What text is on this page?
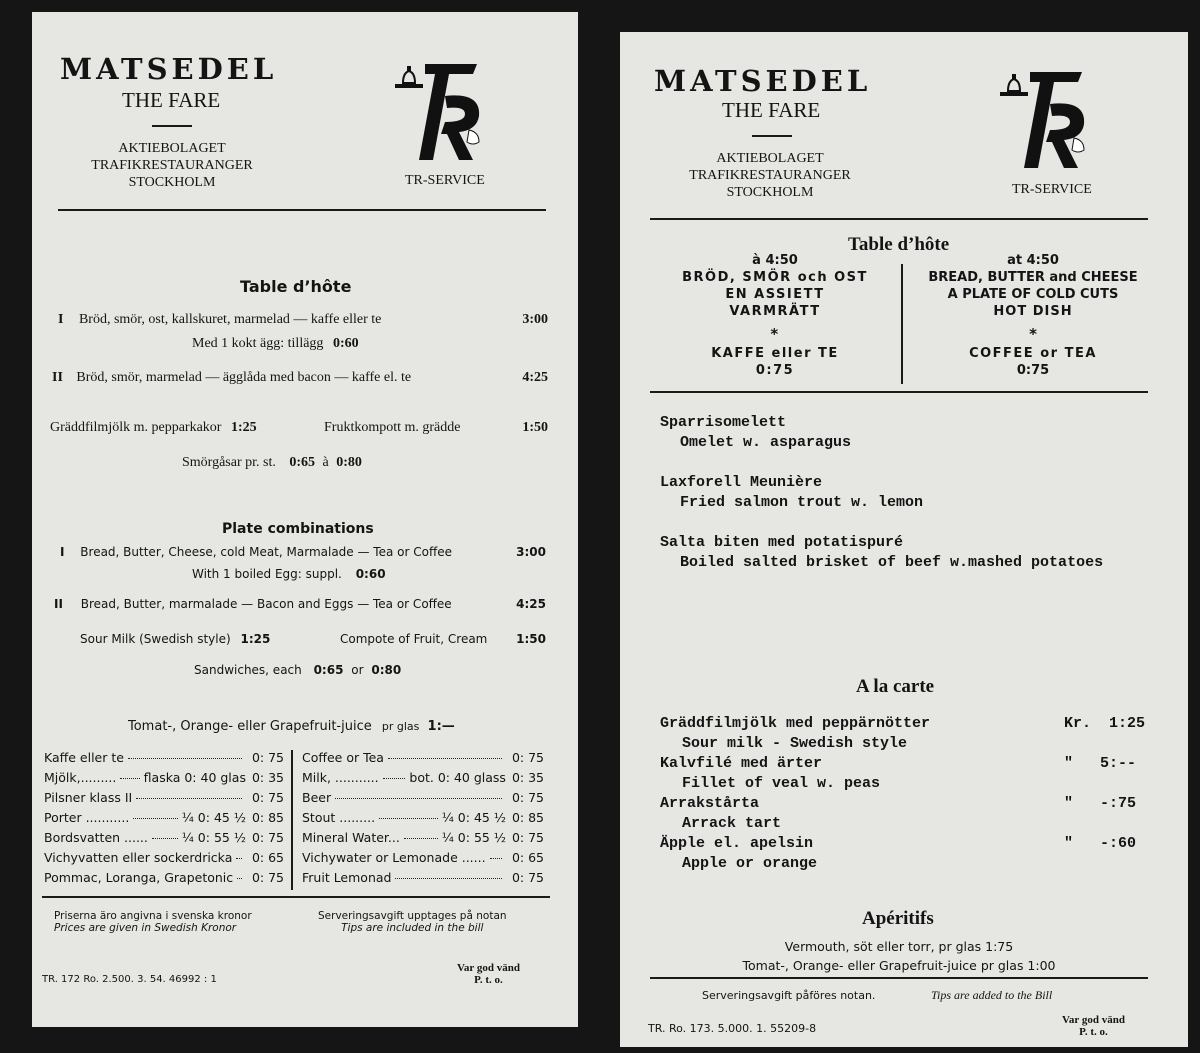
MATSEDEL
THE FARE
AKTIEBOLAGET
TRAFIKRESTAURANGER
STOCKHOLM	TR-SERVICE
Table d’hôte
I Bröd, smör, ost, kallskuret, marmelad — kaffe eller te	3:00
Med 1 kokt ägg: tillägg 0:60
II Bröd, smör, marmelad — ägglåda med bacon — kaffe el. te	4:25
Gräddfilmjölk m. pepparkakor 1:25	Fruktkompott m. grädde	1:50
Smörgåsar pr. st. 0:65 à 0:80
Plate combinations
I Bread, Butter, Cheese, cold Meat, Marmalade — Tea or Coffee	3:00
With 1 boiled Egg: suppl. 0:60
II Bread, Butter, marmalade — Bacon and Eggs — Tea or Coffee	4:25
Sour Milk (Swedish style) 1:25	Compote of Fruit, Cream 1:50
Sandwiches, each 0:65 or 0:80
Tomat-, Orange- eller Grapefruit-juice pr glas 1:—
Kaffe eller te	0: 75
Mjölk,......... flaska 0: 40 glas 0: 35
Pilsner klass II	0: 75
Porter ...........	¼ 0: 45 ½ 0: 85
Bordsvatten ......	¼ 0: 55 ½ 0: 75
Vichyvatten eller sockerdricka 0: 65
Pommac, Loranga, Grapetonic 0: 75
Coffee or Tea	0: 75
Milk, ........... bot. 0: 40 glass 0: 35
Beer	0: 75
Stout .........	¼ 0: 45 ½ 0: 85
Mineral Water...	¼ 0: 55 ½ 0: 75
Vichywater or Lemonade ...... 0: 65
Fruit Lemonad	0: 75
Priserna äro angivna i svenska kronor
Prices are given in Swedish Kronor
Serveringsavgift upptages på notan
Tips are included in the bill
TR. 172 Ro. 2.500. 3. 54. 46992 : 1
Var god vänd
P. t. o.
MATSEDEL
THE FARE
AKTIEBOLAGET
TRAFIKRESTAURANGER
STOCKHOLM	TR-SERVICE
Table d’hôte
à 4:50
BRÖD, SMÖR och OST
EN ASSIETT
VARMRÄTT
*
KAFFE eller TE
0:75
at 4:50
BREAD, BUTTER and CHEESE
A PLATE OF COLD CUTS
HOT DISH
*
COFFEE or TEA
0:75
Sparrisomelett
Omelet w. asparagus
Laxforell Meunière
Fried salmon trout w. lemon
Salta biten med potatispuré
Boiled salted brisket of beef w.mashed potatoes
A la carte
Gräddfilmjölk med peppärnötter
Sour milk - Swedish style
Kr.  1:25
Kalvfilé med ärter
Fillet of veal w. peas
"   5:--
Arrakstårta
Arrack tart
"   -:75
Äpple el. apelsin
Apple or orange
"   -:60
Apéritifs
Vermouth, söt eller torr, pr glas 1:75
Tomat-, Orange- eller Grapefruit-juice pr glas 1:00
Serveringsavgift påföres notan.	Tips are added to the Bill
TR. Ro. 173. 5.000. 1. 55209-8
Var god vänd
P. t. o.
